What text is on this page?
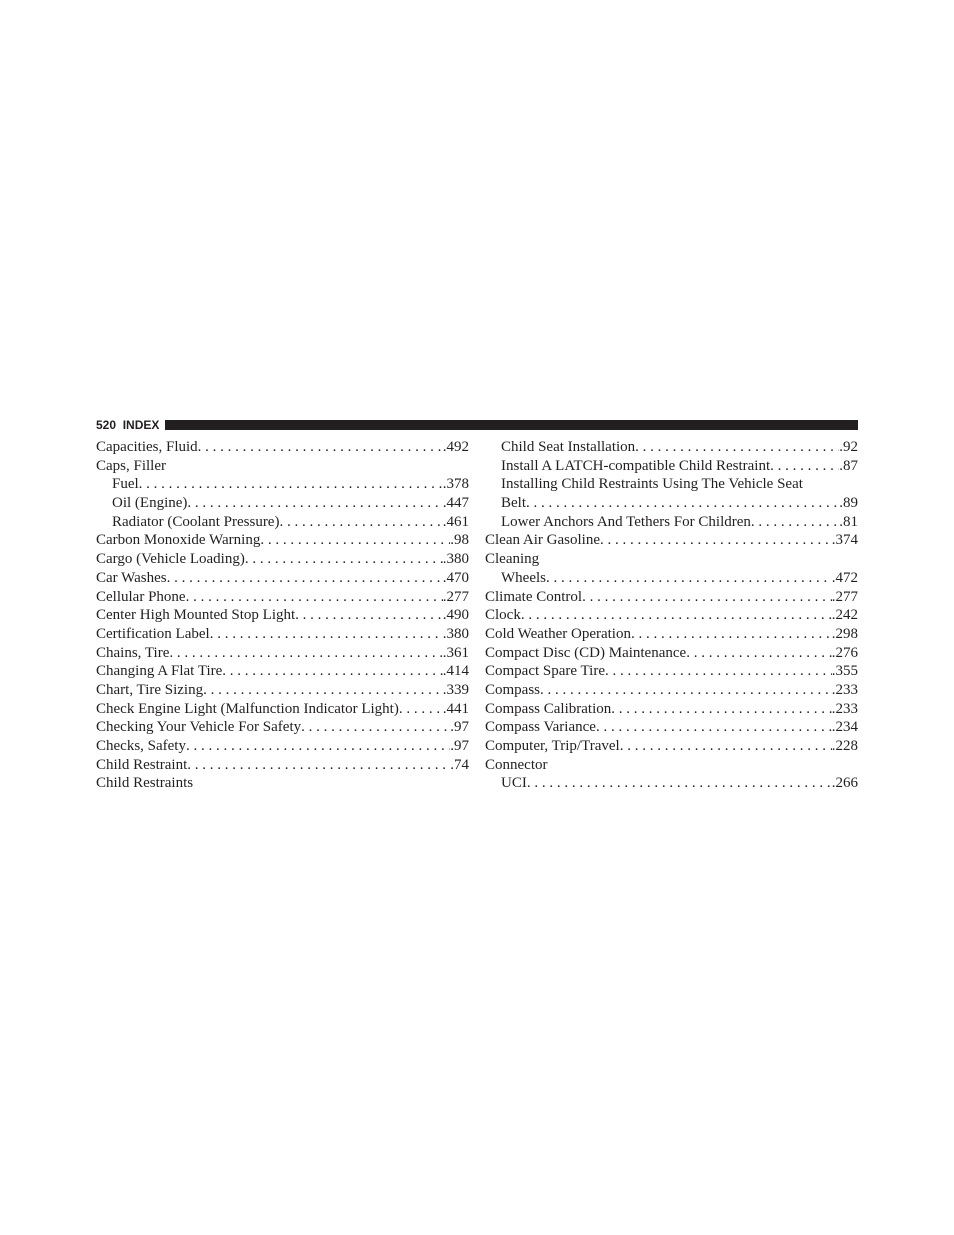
520
INDEX
Capacities, Fluid . . .	.492
Caps, Filler
Fuel . . .	.378
Oil (Engine) . . .	.447
Radiator (Coolant Pressure) . . .	.461
Carbon Monoxide Warning . . .	.98
Cargo (Vehicle Loading) . . .	.380
Car Washes . . .	.470
Cellular Phone . . .	.277
Center High Mounted Stop Light . . .	.490
Certification Label . . .	.380
Chains, Tire . . .	.361
Changing A Flat Tire . . .	.414
Chart, Tire Sizing . . .	.339
Check Engine Light (Malfunction Indicator Light) . . .	.441
Checking Your Vehicle For Safety . . .	.97
Checks, Safety . . .	.97
Child Restraint . . .	.74
Child Restraints
Child Seat Installation . . .	.92
Install A LATCH-compatible Child Restraint . . .	.87
Installing Child Restraints Using The Vehicle Seat
Belt . . .	.89
Lower Anchors And Tethers For Children . . .	.81
Clean Air Gasoline . . .	.374
Cleaning
Wheels . . .	.472
Climate Control . . .	.277
Clock . . .	.242
Cold Weather Operation . . .	.298
Compact Disc (CD) Maintenance . . .	.276
Compact Spare Tire . . .	.355
Compass . . .	.233
Compass Calibration . . .	.233
Compass Variance . . .	.234
Computer, Trip/Travel . . .	.228
Connector
UCI . . .	.266
